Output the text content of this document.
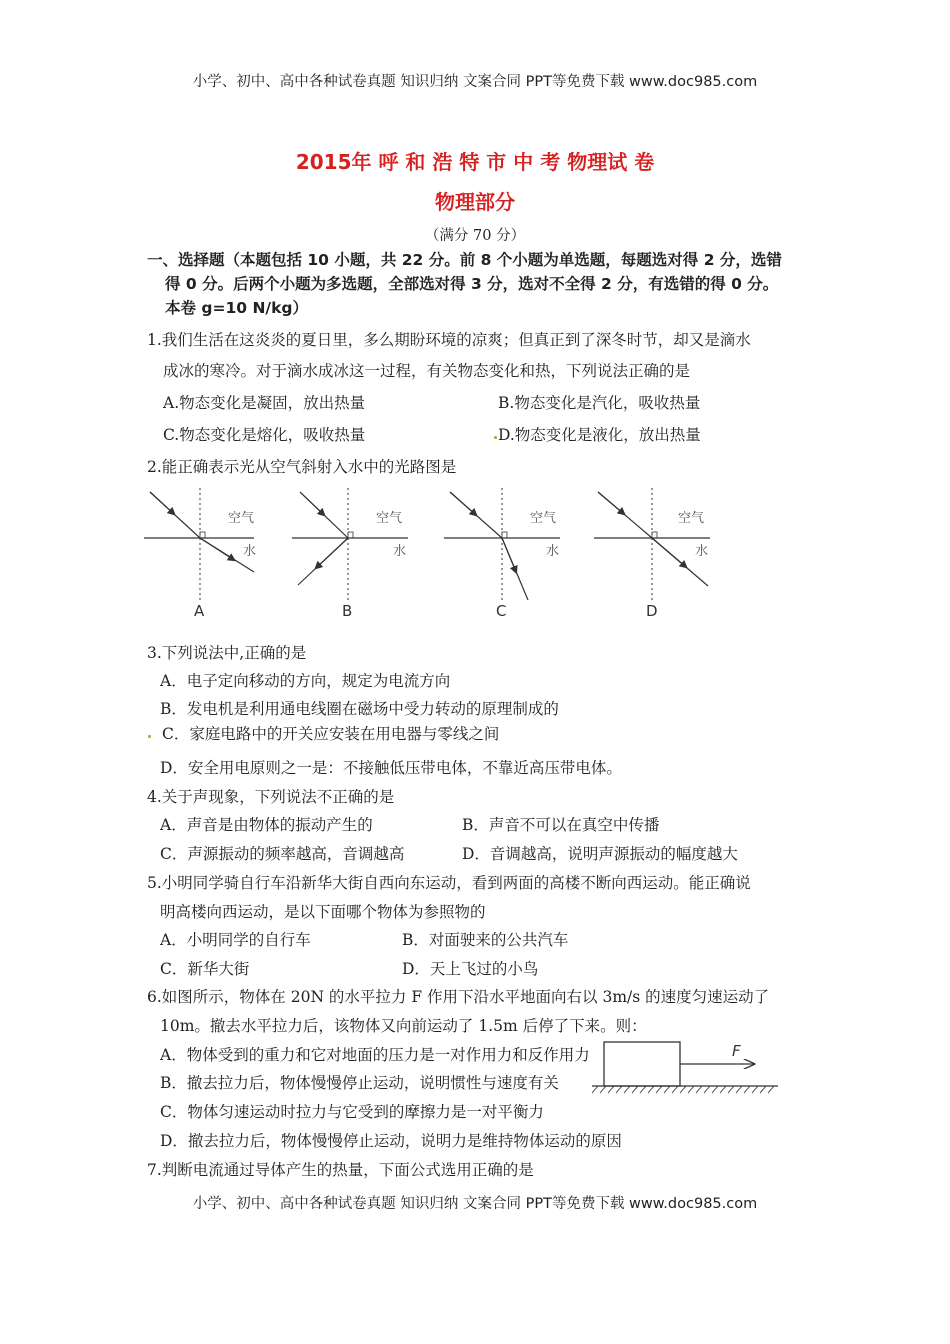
小学、初中、高中各种试卷真题 知识归纳 文案合同 PPT等免费下载 www.doc985.com
2015年 呼 和 浩 特 市 中 考 物理试 卷
物理部分
（满分 70 分）
一、选择题（本题包括 10 小题，共 22 分。前 8 个小题为单选题，每题选对得 2 分，选错
得 0 分。后两个小题为多选题，全部选对得 3 分，选对不全得 2 分，有选错的得 0 分。
本卷 g=10 N/kg）
1.我们生活在这炎炎的夏日里，多么期盼环境的凉爽；但真正到了深冬时节，却又是滴水
成冰的寒冷。对于滴水成冰这一过程，有关物态变化和热，下列说法正确的是
A.物态变化是凝固，放出热量	B.物态变化是汽化，吸收热量
C.物态变化是熔化，吸收热量	D.物态变化是液化，放出热量
2.能正确表示光从空气斜射入水中的光路图是
空气
水
A
空气
水
B
空气
水
C
空气
水
D
3.下列说法中,正确的是
A．电子定向移动的方向，规定为电流方向
B．发电机是利用通电线圈在磁场中受力转动的原理制成的
C．家庭电路中的开关应安装在用电器与零线之间
D．安全用电原则之一是：不接触低压带电体，不靠近高压带电体。
4.关于声现象，下列说法不正确的是
A．声音是由物体的振动产生的	B．声音不可以在真空中传播
C．声源振动的频率越高，音调越高	D．音调越高，说明声源振动的幅度越大
5.小明同学骑自行车沿新华大街自西向东运动，看到两面的高楼不断向西运动。能正确说
明高楼向西运动，是以下面哪个物体为参照物的
A．小明同学的自行车	B．对面驶来的公共汽车
C．新华大街	D．天上飞过的小鸟
6.如图所示，物体在 20N 的水平拉力 F 作用下沿水平地面向右以 3m/s 的速度匀速运动了
10m。撤去水平拉力后，该物体又向前运动了 1.5m 后停了下来。则：
F
A．物体受到的重力和它对地面的压力是一对作用力和反作用力
B．撤去拉力后，物体慢慢停止运动，说明惯性与速度有关
C．物体匀速运动时拉力与它受到的摩擦力是一对平衡力
D．撤去拉力后，物体慢慢停止运动，说明力是维持物体运动的原因
7.判断电流通过导体产生的热量，下面公式选用正确的是
小学、初中、高中各种试卷真题 知识归纳 文案合同 PPT等免费下载 www.doc985.com
